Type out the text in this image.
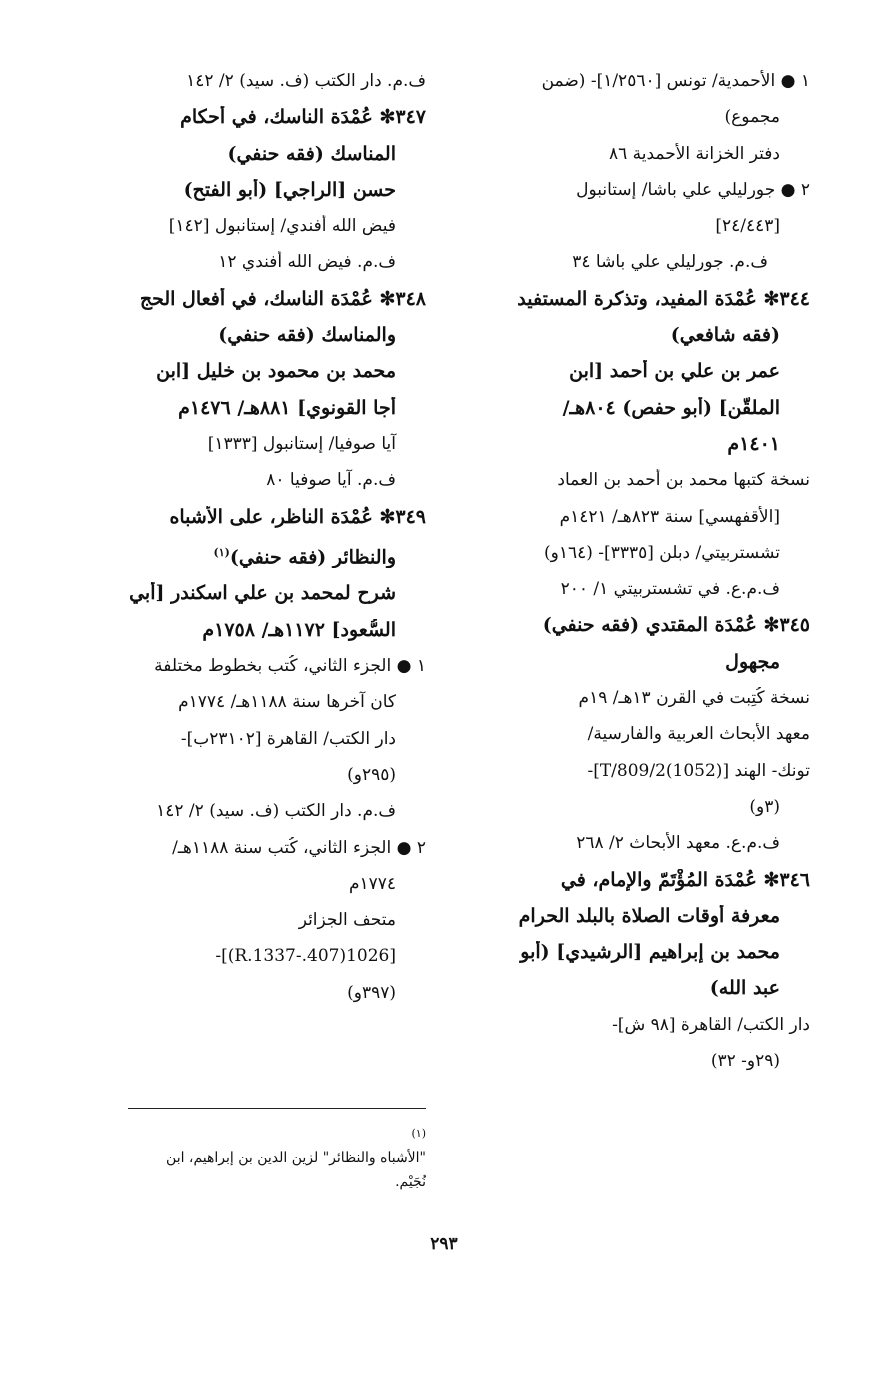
١ ● الأحمدية/ تونس [١/٢٥٦٠]- (ضمن
مجموع)
دفتر الخزانة الأحمدية ٨٦
٢ ● جورليلي علي باشا/ إستانبول
[٢٤/٤٤٣]
ف.م. جورليلي علي باشا ٣٤
٣٤٤✻ عُمْدَة المفيد، وتذكرة المستفيد
(فقه شافعي)
عمر بن علي بن أحمد [ابن
الملقّن] (أبو حفص) ٨٠٤هـ/
١٤٠١م
نسخة كتبها محمد بن أحمد بن العماد
[الأقفهسي] سنة ٨٢٣هـ/ ١٤٢١م
تشستربيتي/ دبلن [٣٣٣٥]- (١٦٤و)
ف.م.ع. في تشستربيتي ١/ ٢٠٠
٣٤٥✻ عُمْدَة المقتدي (فقه حنفي)
مجهول
نسخة كُتِبت في القرن ١٣هـ/ ١٩م
معهد الأبحاث العربية والفارسية/
تونك- الهند [T/809/2(1052)]-
(٣و)
ف.م.ع. معهد الأبحاث ٢/ ٢٦٨
٣٤٦✻ عُمْدَة المُؤْتَمّ والإمام، في
معرفة أوقات الصلاة بالبلد الحرام
محمد بن إبراهيم [الرشيدي] (أبو
عبد الله)
دار الكتب/ القاهرة [٩٨ ش]-
(٢٩و- ٣٢)
ف.م. دار الكتب (ف. سيد) ٢/ ١٤٢
٣٤٧✻ عُمْدَة الناسك، في أحكام
المناسك (فقه حنفي)
حسن [الراجي] (أبو الفتح)
فيض الله أفندي/ إستانبول [١٤٢]
ف.م. فيض الله أفندي ١٢
٣٤٨✻ عُمْدَة الناسك، في أفعال الحج
والمناسك (فقه حنفي)
محمد بن محمود بن خليل [ابن
أجا القونوي] ٨٨١هـ/ ١٤٧٦م
آيا صوفيا/ إستانبول [١٣٣٣]
ف.م. آيا صوفيا ٨٠
٣٤٩✻ عُمْدَة الناظر، على الأشباه
والنظائر (فقه حنفي)$^{(١)}$
شرح لمحمد بن علي اسكندر [أبي
السُّعود] ١١٧٢هـ/ ١٧٥٨م
١ ● الجزء الثاني، كُتب بخطوط مختلفة
كان آخرها سنة ١١٨٨هـ/ ١٧٧٤م
دار الكتب/ القاهرة [٢٣١٠٢ب]-
(٢٩٥و)
ف.م. دار الكتب (ف. سيد) ٢/ ١٤٢
٢ ● الجزء الثاني، كُتب سنة ١١٨٨هـ/
١٧٧٤م
متحف الجزائر
[1026(407.-R.1337)]-
(٣٩٧و)
(١)
"الأشباه والنظائر" لزين الدين بن إبراهيم، ابن
نُجَيْم.
٢٩٣
